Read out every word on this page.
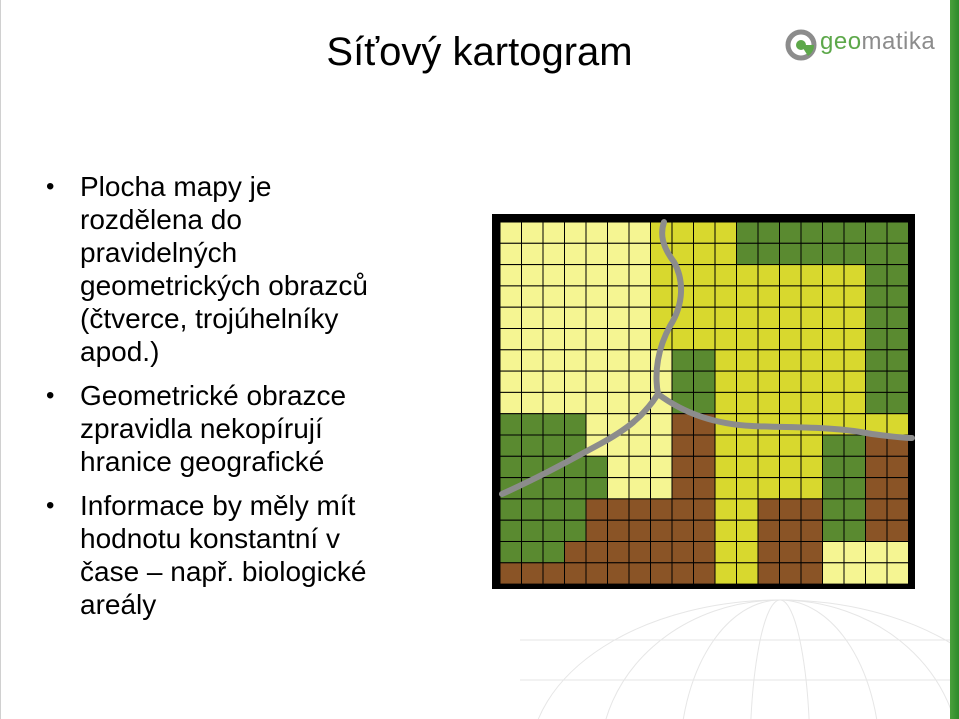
Síťový kartogram	geomatika
• Plocha mapy je
rozdělena do
pravidelných
geometrických obrazců
(čtverce, trojúhelníky
apod.)
• Geometrické obrazce
zpravidla nekopírují
hranice geografické
• Informace by měly mít
hodnotu konstantní v
čase – např. biologické
areály
